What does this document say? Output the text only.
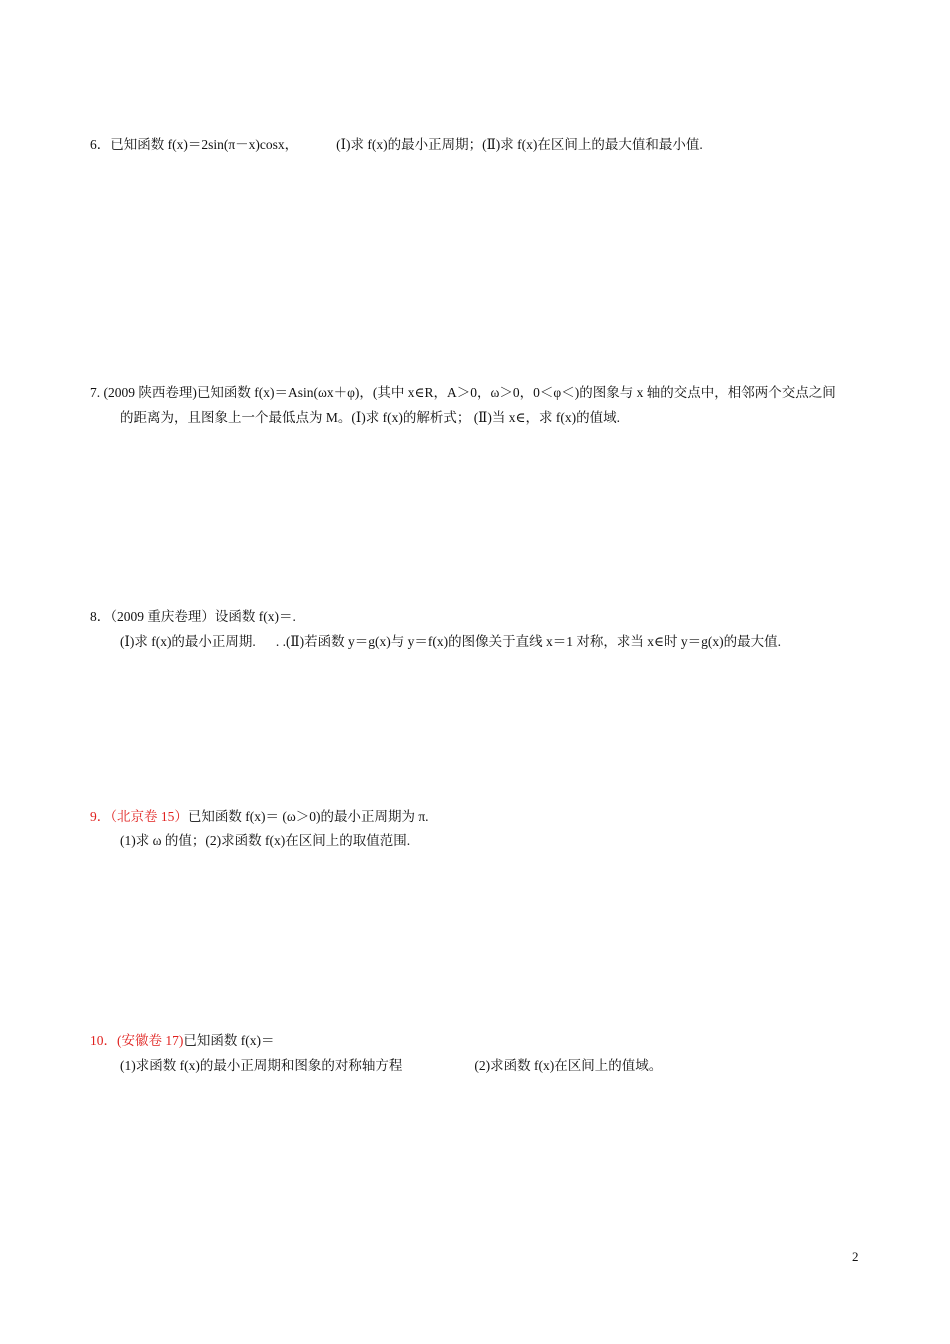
6．已知函数 f(x)＝2sin(π－x)cosx，	(Ⅰ)求 f(x)的最小正周期；(Ⅱ)求 f(x)在区间上的最大值和最小值.
7. (2009 陕西卷理)已知函数 f(x)＝Asin(ωx＋φ)，(其中 x∈R，A＞0，ω＞0，0＜φ＜)的图象与 x 轴的交点中，相邻两个交点之间
的距离为，且图象上一个最低点为 M。(Ⅰ)求 f(x)的解析式； (Ⅱ)当 x∈，求 f(x)的值域.
8．（2009 重庆卷理）设函数 f(x)＝.
(Ⅰ)求 f(x)的最小正周期. . .(Ⅱ)若函数 y＝g(x)与 y＝f(x)的图像关于直线 x＝1 对称，求当 x∈时 y＝g(x)的最大值.
9．（北京卷 15）已知函数 f(x)＝ (ω＞0)的最小正周期为 π.
(1)求 ω 的值；(2)求函数 f(x)在区间上的取值范围.
10．(安徽卷 17)已知函数 f(x)＝
(1)求函数 f(x)的最小正周期和图象的对称轴方程	(2)求函数 f(x)在区间上的值域。
2
